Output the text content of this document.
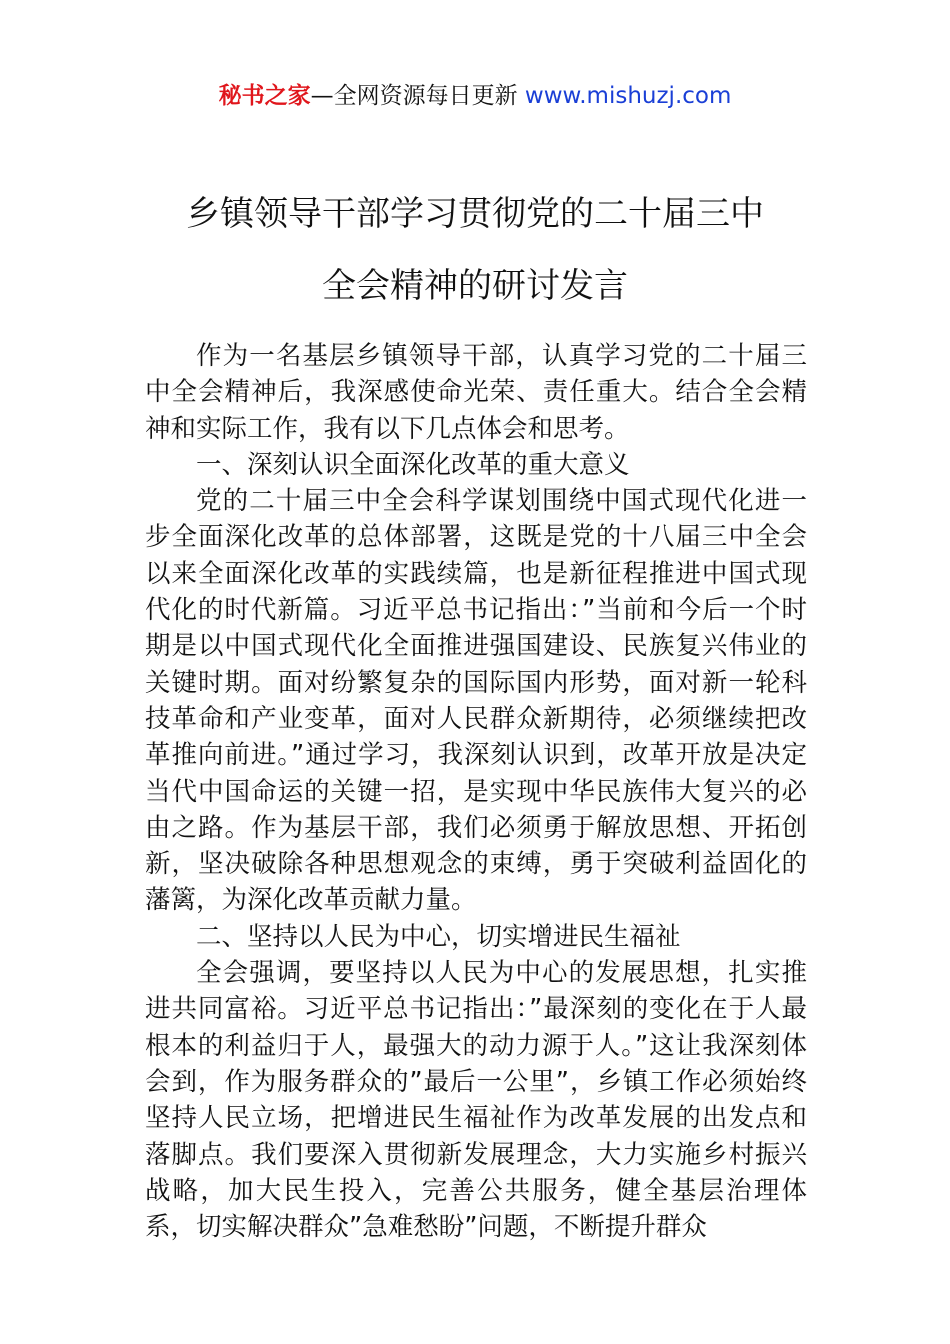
秘书之家—全网资源每日更新 www.mishuzj.com
乡镇领导干部学习贯彻党的二十届三中
全会精神的研讨发言

作为一名基层乡镇领导干部，认真学习党的二十届三中全会精神后，我深感使命光荣、责任重大。结合全会精神和实际工作，我有以下几点体会和思考。

一、深刻认识全面深化改革的重大意义

党的二十届三中全会科学谋划围绕中国式现代化进一步全面深化改革的总体部署，这既是党的十八届三中全会以来全面深化改革的实践续篇，也是新征程推进中国式现代化的时代新篇。习近平总书记指出：”当前和今后一个时期是以中国式现代化全面推进强国建设、民族复兴伟业的关键时期。面对纷繁复杂的国际国内形势，面对新一轮科技革命和产业变革，面对人民群众新期待，必须继续把改革推向前进。”通过学习，我深刻认识到，改革开放是决定当代中国命运的关键一招，是实现中华民族伟大复兴的必由之路。作为基层干部，我们必须勇于解放思想、开拓创新，坚决破除各种思想观念的束缚，勇于突破利益固化的藩篱，为深化改革贡献力量。

二、坚持以人民为中心，切实增进民生福祉

全会强调，要坚持以人民为中心的发展思想，扎实推进共同富裕。习近平总书记指出：”最深刻的变化在于人最根本的利益归于人，最强大的动力源于人。”这让我深刻体会到，作为服务群众的”最后一公里”，乡镇工作必须始终坚持人民立场，把增进民生福祉作为改革发展的出发点和落脚点。我们要深入贯彻新发展理念，大力实施乡村振兴战略，加大民生投入，完善公共服务，健全基层治理体系，切实解决群众”急难愁盼”问题，不断提升群众
